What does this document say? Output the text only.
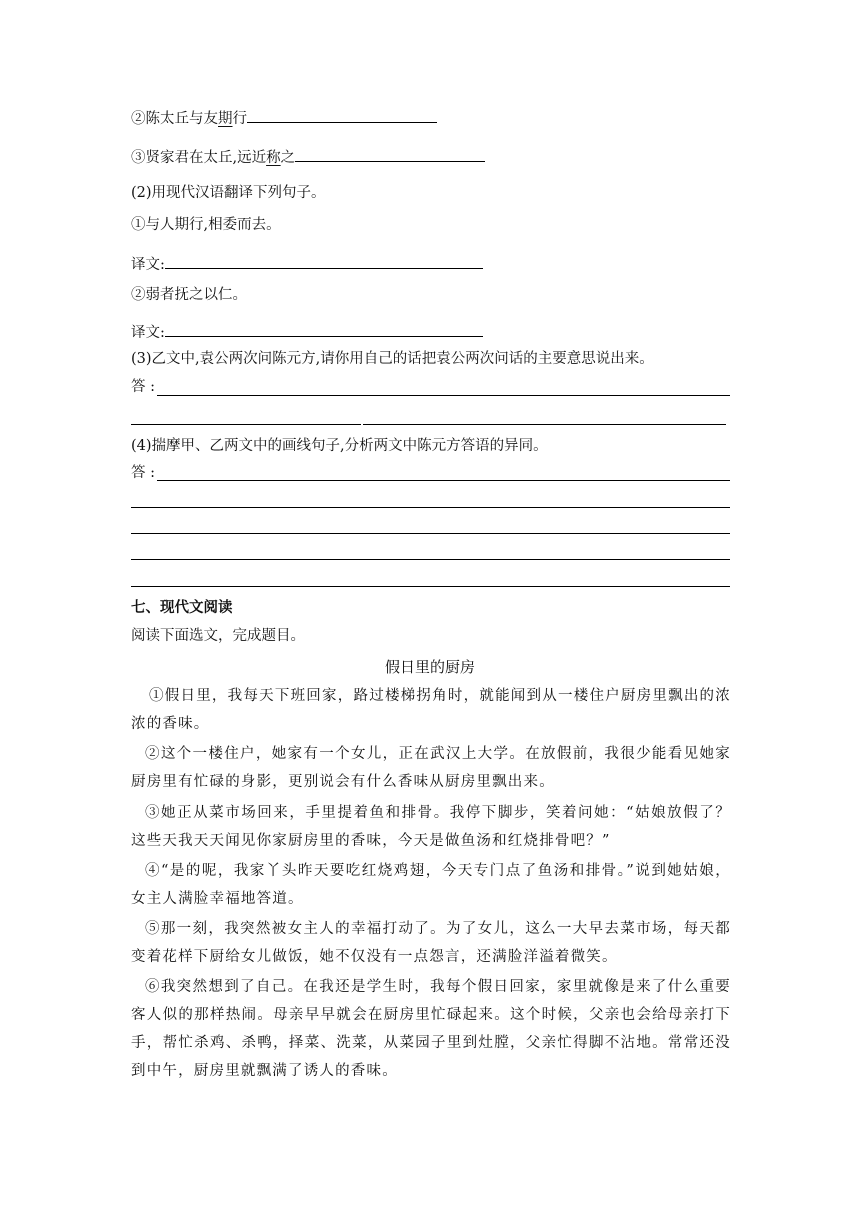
②陈太丘与友期行
③贤家君在太丘,远近称之
(2)用现代汉语翻译下列句子。
①与人期行,相委而去。
译文:
②弱者抚之以仁。
译文:
(3)乙文中,袁公两次问陈元方,请你用自己的话把袁公两次问话的主要意思说出来。
答 :
(4)揣摩甲、乙两文中的画线句子,分析两文中陈元方答语的异同。
答 :
七、现代文阅读
阅读下面选文，完成题目。
假日里的厨房
①假日里，我每天下班回家，路过楼梯拐角时，就能闻到从一楼住户厨房里飘出的浓浓的香味。
②这个一楼住户，她家有一个女儿，正在武汉上大学。在放假前，我很少能看见她家厨房里有忙碌的身影，更别说会有什么香味从厨房里飘出来。
③她正从菜市场回来，手里提着鱼和排骨。我停下脚步，笑着问她：“姑娘放假了？这些天我天天闻见你家厨房里的香味，今天是做鱼汤和红烧排骨吧？”
④“是的呢，我家丫头昨天要吃红烧鸡翅，今天专门点了鱼汤和排骨。”说到她姑娘，女主人满脸幸福地答道。
⑤那一刻，我突然被女主人的幸福打动了。为了女儿，这么一大早去菜市场，每天都变着花样下厨给女儿做饭，她不仅没有一点怨言，还满脸洋溢着微笑。
⑥我突然想到了自己。在我还是学生时，我每个假日回家，家里就像是来了什么重要客人似的那样热闹。母亲早早就会在厨房里忙碌起来。这个时候，父亲也会给母亲打下手，帮忙杀鸡、杀鸭，择菜、洗菜，从菜园子里到灶膛，父亲忙得脚不沾地。常常还没到中午，厨房里就飘满了诱人的香味。
